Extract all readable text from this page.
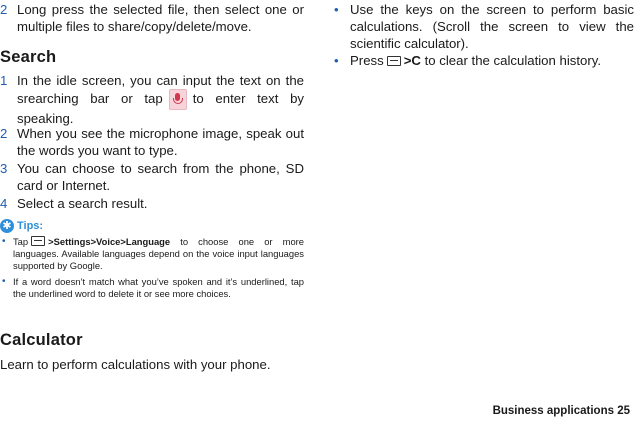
2 Long press the selected file, then select one or multiple files to share/copy/delete/move.
Search
1 In the idle screen, you can input the text on the srearching bar or tap to enter text by speaking.
2 When you see the microphone image, speak out the words you want to type.
3 You can choose to search from the phone, SD card or Internet.
4 Select a search result.
✱ Tips:
• Tap >Settings>Voice>Language to choose one or more languages. Available languages depend on the voice input languages supported by Google.
• If a word doesn’t match what you’ve spoken and it’s underlined, tap the underlined word to delete it or see more choices.
Calculator
Learn to perform calculations with your phone.
• Use the keys on the screen to perform basic calculations. (Scroll the screen to view the scientific calculator).
• Press >C to clear the calculation history.
Business applications 25
